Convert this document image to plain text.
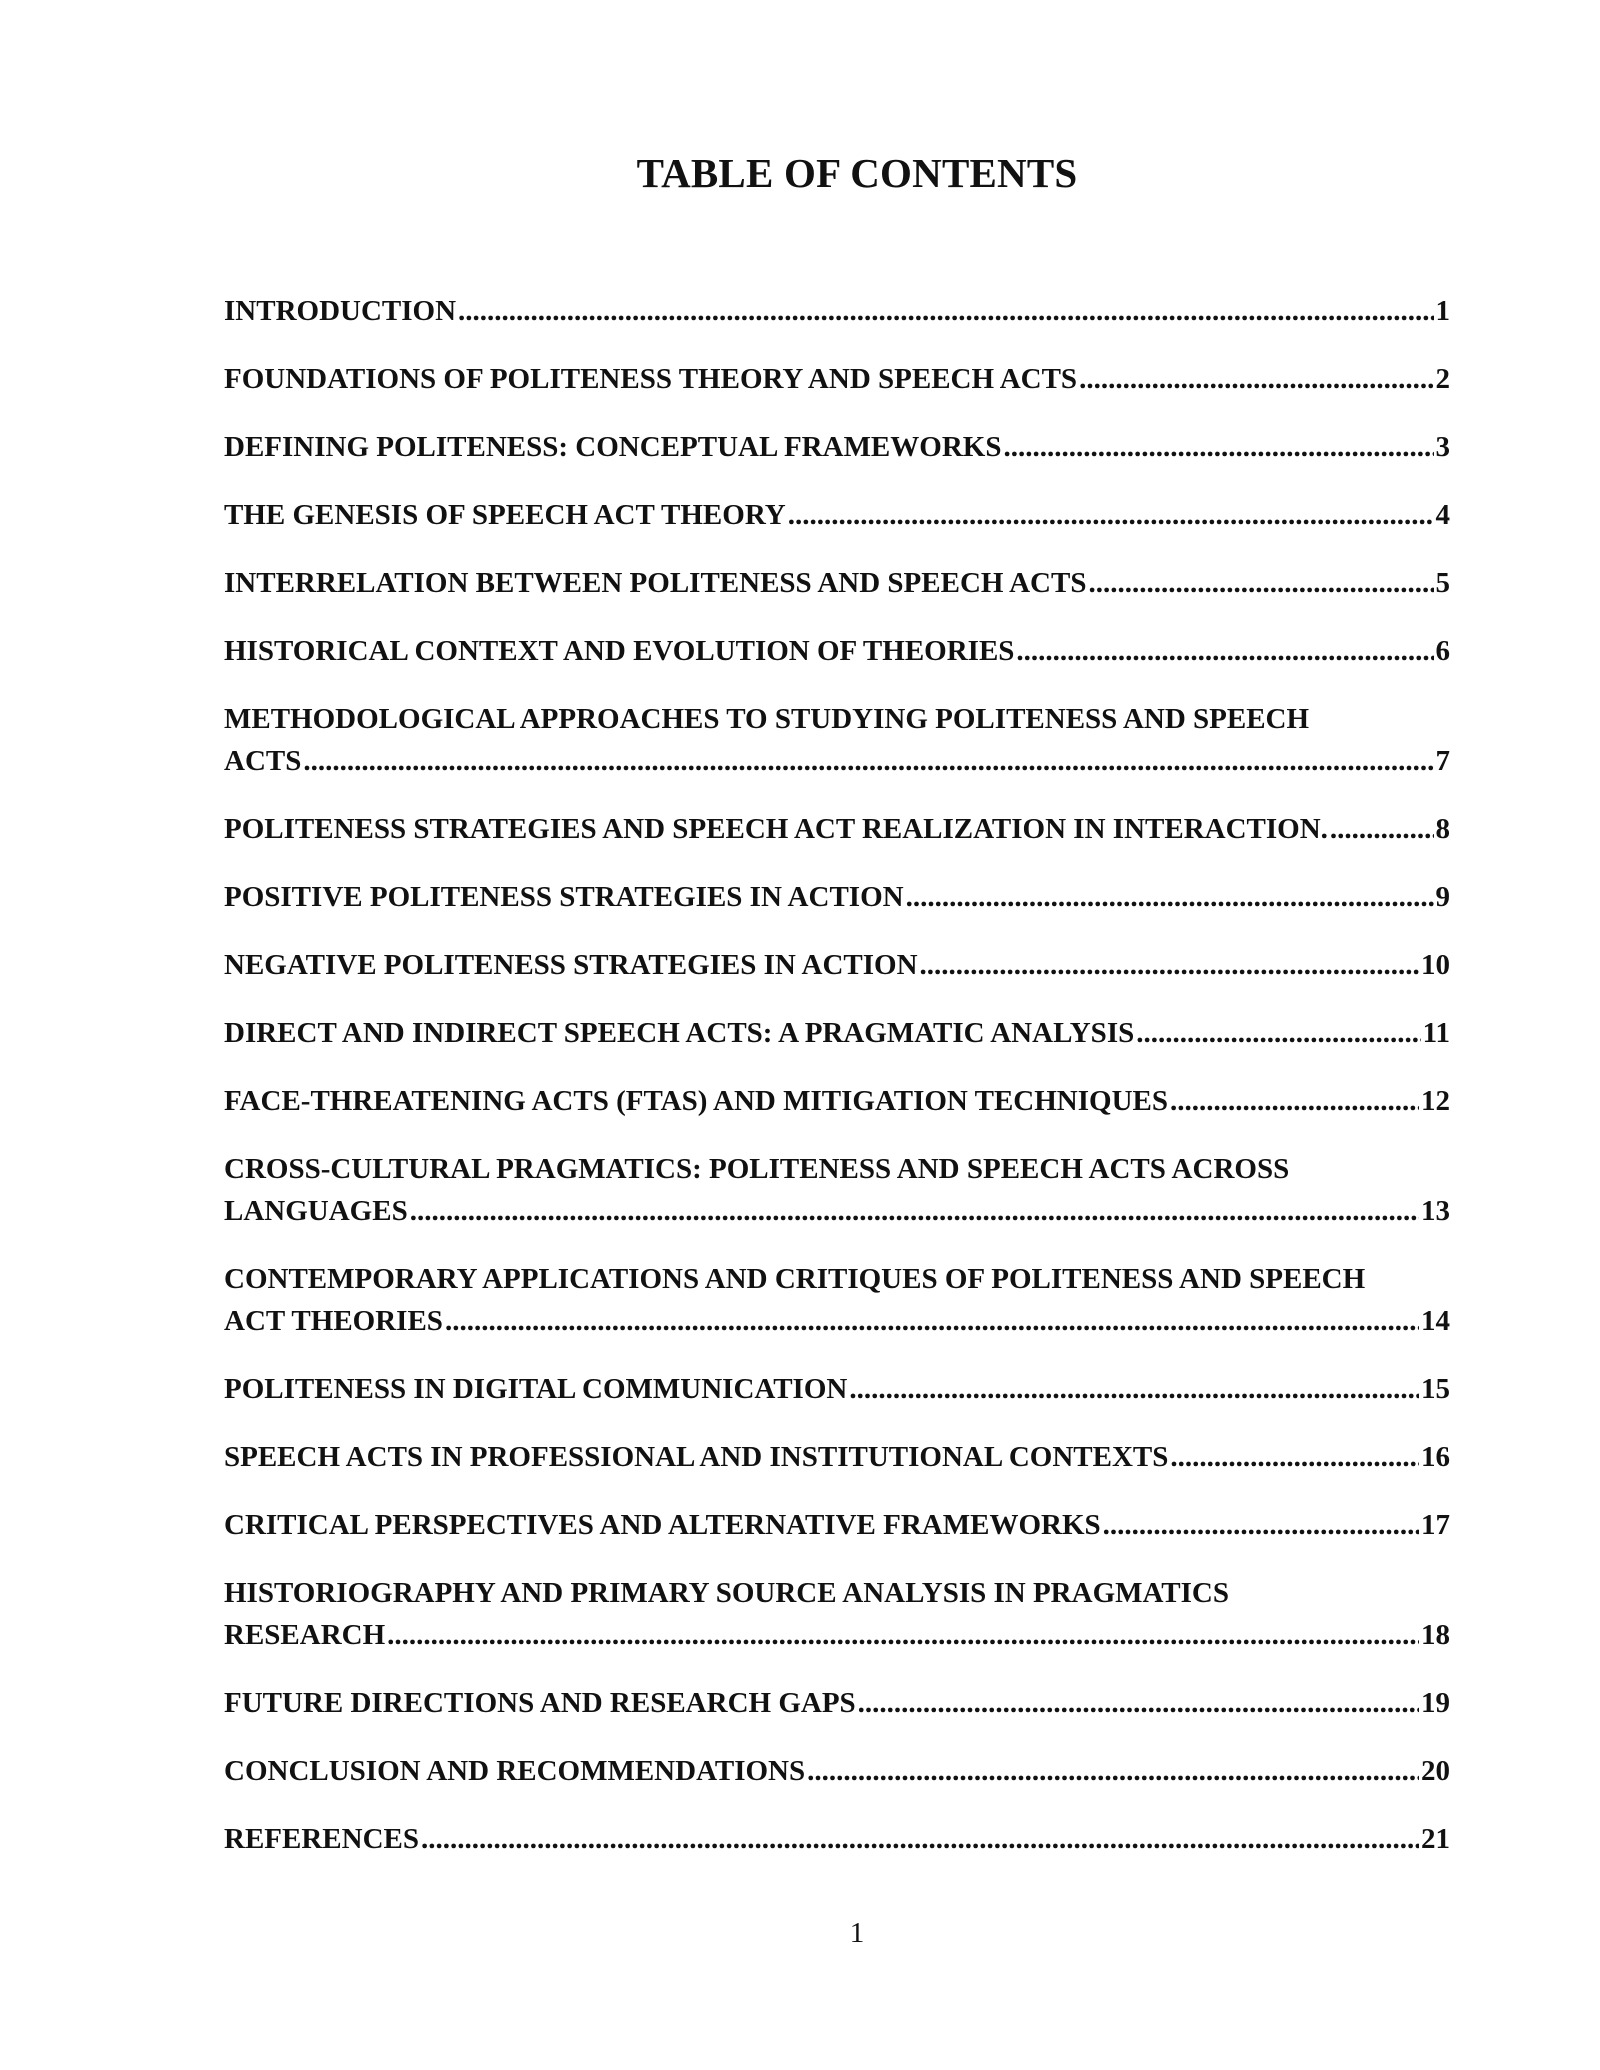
TABLE OF CONTENTS
INTRODUCTION .....	1
FOUNDATIONS OF POLITENESS THEORY AND SPEECH ACTS .....	2
DEFINING POLITENESS: CONCEPTUAL FRAMEWORKS .....	3
THE GENESIS OF SPEECH ACT THEORY .....	4
INTERRELATION BETWEEN POLITENESS AND SPEECH ACTS .....	5
HISTORICAL CONTEXT AND EVOLUTION OF THEORIES .....	6
METHODOLOGICAL APPROACHES TO STUDYING POLITENESS AND SPEECH
ACTS .....	7
POLITENESS STRATEGIES AND SPEECH ACT REALIZATION IN INTERACTION. .....	8
POSITIVE POLITENESS STRATEGIES IN ACTION .....	9
NEGATIVE POLITENESS STRATEGIES IN ACTION .....	10
DIRECT AND INDIRECT SPEECH ACTS: A PRAGMATIC ANALYSIS .....	11
FACE-THREATENING ACTS (FTAS) AND MITIGATION TECHNIQUES .....	12
CROSS-CULTURAL PRAGMATICS: POLITENESS AND SPEECH ACTS ACROSS
LANGUAGES .....	13
CONTEMPORARY APPLICATIONS AND CRITIQUES OF POLITENESS AND SPEECH
ACT THEORIES .....	14
POLITENESS IN DIGITAL COMMUNICATION .....	15
SPEECH ACTS IN PROFESSIONAL AND INSTITUTIONAL CONTEXTS .....	16
CRITICAL PERSPECTIVES AND ALTERNATIVE FRAMEWORKS .....	17
HISTORIOGRAPHY AND PRIMARY SOURCE ANALYSIS IN PRAGMATICS
RESEARCH .....	18
FUTURE DIRECTIONS AND RESEARCH GAPS .....	19
CONCLUSION AND RECOMMENDATIONS .....	20
REFERENCES .....	21
1
